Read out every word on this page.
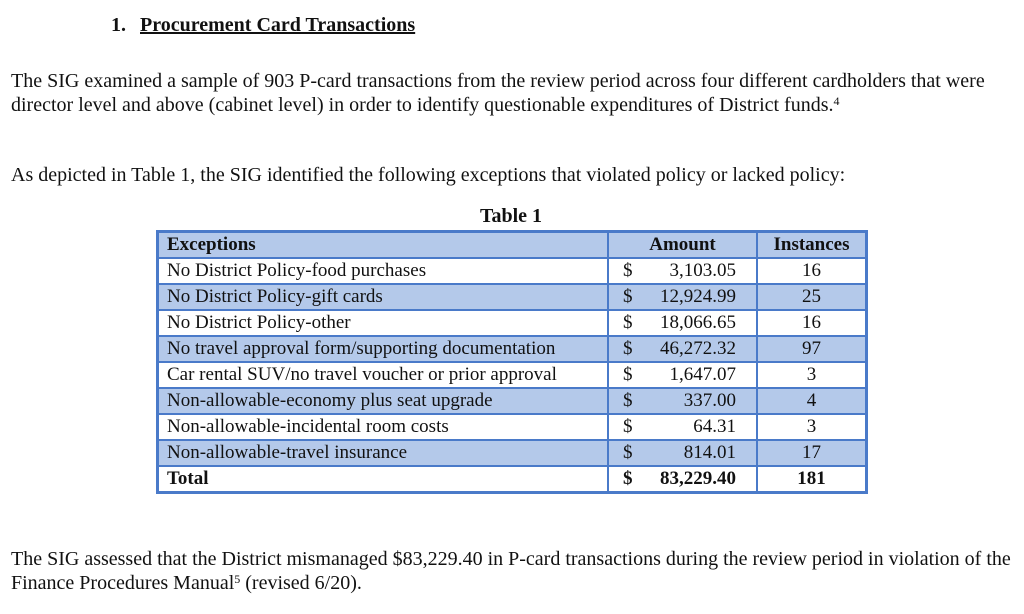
1. Procurement Card Transactions

The SIG examined a sample of 903 P-card transactions from the review period across four different cardholders that were director level and above (cabinet level) in order to identify questionable expenditures of District funds.$^4$

As depicted in Table 1, the SIG identified the following exceptions that violated policy or lacked policy:

Table 1
Exceptions	Amount	Instances
No District Policy-food purchases	$ 3,103.05	16
No District Policy-gift cards	$ 12,924.99	25
No District Policy-other	$ 18,066.65	16
No travel approval form/supporting documentation	$ 46,272.32	97
Car rental SUV/no travel voucher or prior approval	$ 1,647.07	3
Non-allowable-economy plus seat upgrade	$ 337.00	4
Non-allowable-incidental room costs	$ 64.31	3
Non-allowable-travel insurance	$ 814.01	17
Total	$ 83,229.40	181

The SIG assessed that the District mismanaged $83,229.40 in P-card transactions during the review period in violation of the Finance Procedures Manual$^5$ (revised 6/20).
